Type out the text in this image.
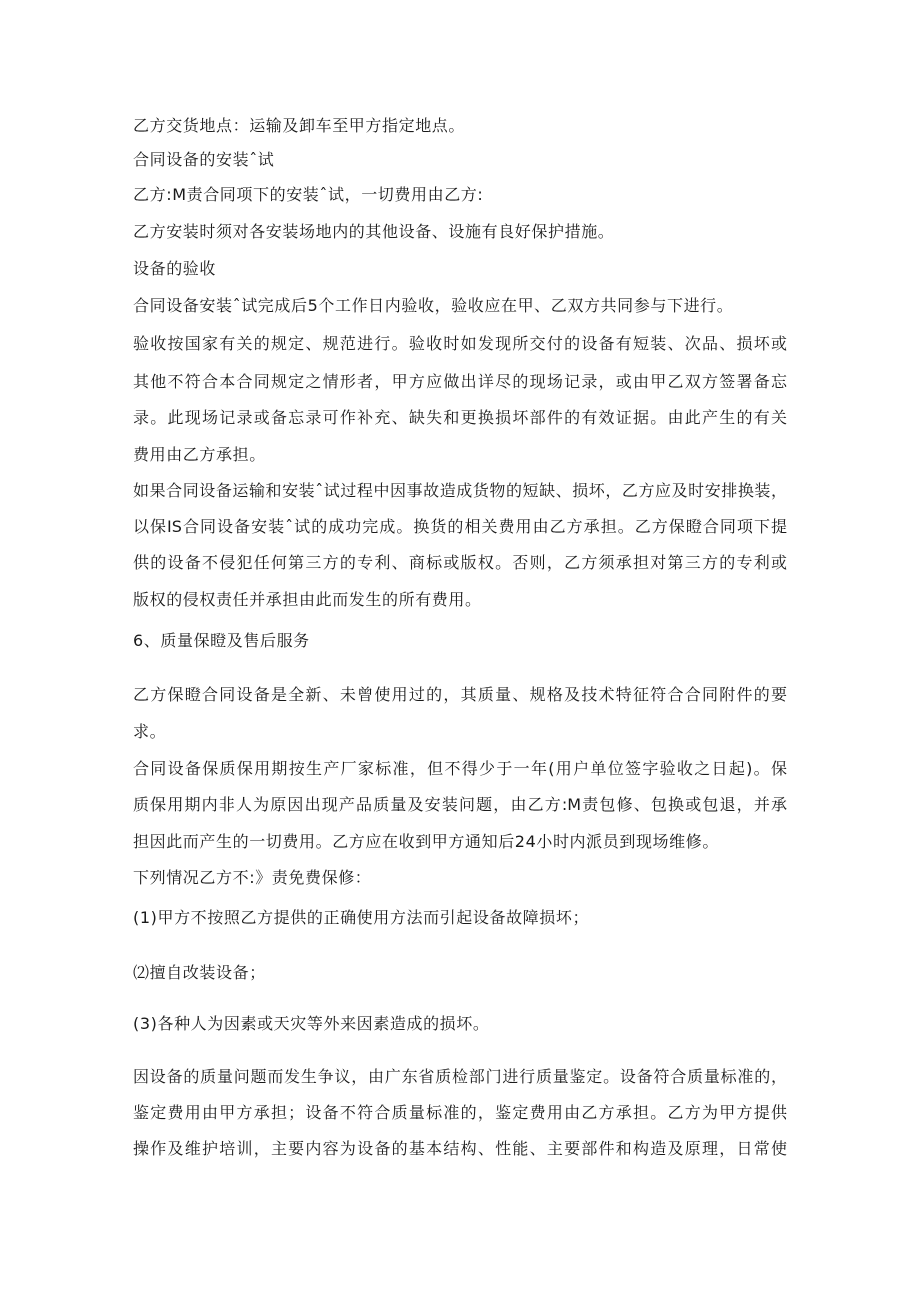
乙方交货地点：运输及卸车至甲方指定地点。

合同设备的安装ˆ试

乙方:M责合同项下的安装ˆ试，一切费用由乙方:

乙方安装时须对各安装场地内的其他设备、设施有良好保护措施。

设备的验收

合同设备安装ˆ试完成后5个工作日内验收，验收应在甲、乙双方共同参与下进行。

验收按国家有关的规定、规范进行。验收时如发现所交付的设备有短装、次品、损坏或

其他不符合本合同规定之情形者，甲方应做出详尽的现场记录，或由甲乙双方签署备忘

录。此现场记录或备忘录可作补充、缺失和更换损坏部件的有效证据。由此产生的有关

费用由乙方承担。

如果合同设备运输和安装ˆ试过程中因事故造成货物的短缺、损坏，乙方应及时安排换装，

以保IS合同设备安装ˆ试的成功完成。换货的相关费用由乙方承担。乙方保瞪合同项下提

供的设备不侵犯任何第三方的专利、商标或版权。否则，乙方须承担对第三方的专利或

版权的侵权责任并承担由此而发生的所有费用。

6、质量保瞪及售后服务

乙方保瞪合同设备是全新、未曾使用过的，其质量、规格及技术特征符合合同附件的要

求。

合同设备保质保用期按生产厂家标准，但不得少于一年(用户单位签字验收之日起)。保

质保用期内非人为原因出现产品质量及安装问题，由乙方:M责包修、包换或包退，并承

担因此而产生的一切费用。乙方应在收到甲方通知后24小时内派员到现场维修。

下列情况乙方不:》责免费保修：

(1)甲方不按照乙方提供的正确使用方法而引起设备故障损坏；

⑵擅自改装设备；

(3)各种人为因素或天灾等外来因素造成的损坏。

因设备的质量问题而发生争议，由广东省质检部门进行质量鉴定。设备符合质量标准的，

鉴定费用由甲方承担；设备不符合质量标准的，鉴定费用由乙方承担。乙方为甲方提供

操作及维护培训，主要内容为设备的基本结构、性能、主要部件和构造及原理，日常使
